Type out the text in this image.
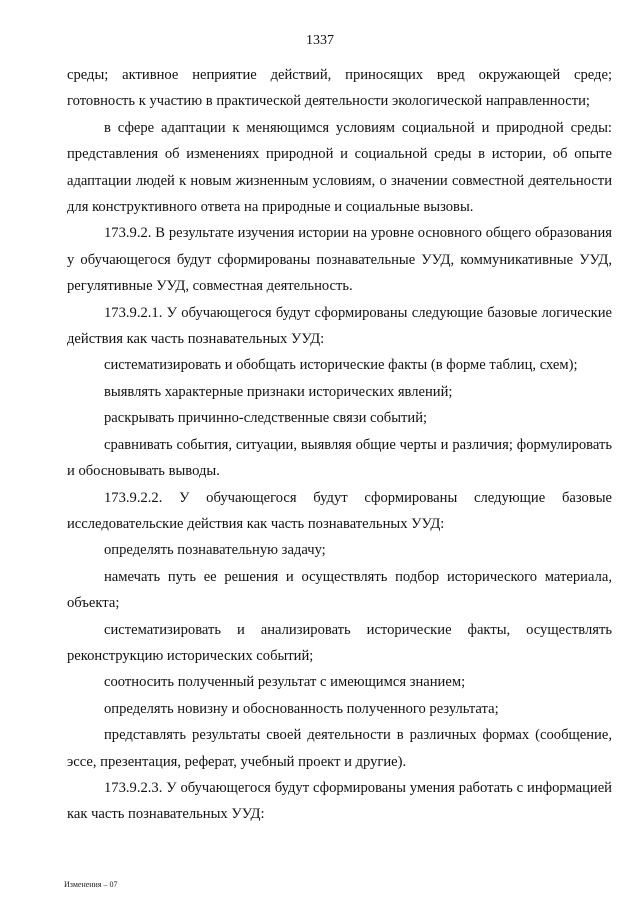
1337

среды; активное неприятие действий, приносящих вред окружающей среде; готовность к участию в практической деятельности экологической направленности;

в сфере адаптации к меняющимся условиям социальной и природной среды: представления об изменениях природной и социальной среды в истории, об опыте адаптации людей к новым жизненным условиям, о значении совместной деятельности для конструктивного ответа на природные и социальные вызовы.

173.9.2. В результате изучения истории на уровне основного общего образования у обучающегося будут сформированы познавательные УУД, коммуникативные УУД, регулятивные УУД, совместная деятельность.

173.9.2.1. У обучающегося будут сформированы следующие базовые логические действия как часть познавательных УУД:

систематизировать и обобщать исторические факты (в форме таблиц, схем);

выявлять характерные признаки исторических явлений;

раскрывать причинно-следственные связи событий;

сравнивать события, ситуации, выявляя общие черты и различия; формулировать и обосновывать выводы.

173.9.2.2. У обучающегося будут сформированы следующие базовые исследовательские действия как часть познавательных УУД:

определять познавательную задачу;

намечать путь ее решения и осуществлять подбор исторического материала, объекта;

систематизировать и анализировать исторические факты, осуществлять реконструкцию исторических событий;

соотносить полученный результат с имеющимся знанием;

определять новизну и обоснованность полученного результата;

представлять результаты своей деятельности в различных формах (сообщение, эссе, презентация, реферат, учебный проект и другие).

173.9.2.3. У обучающегося будут сформированы умения работать с информацией как часть познавательных УУД:

Изменения – 07
